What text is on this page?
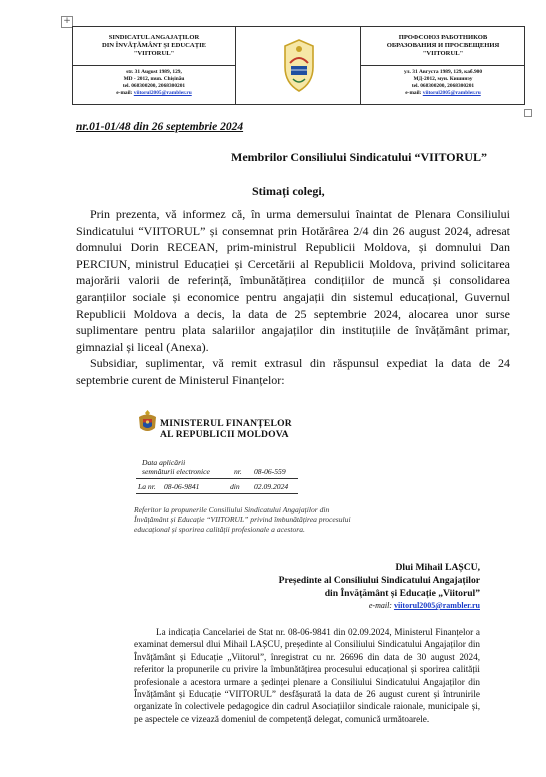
+
SINDICATUL ANGAJAȚILOR
DIN ÎNVĂȚĂMÂNT ȘI EDUCAȚIE
"VIITORUL"
str. 31 August 1989, 129,
MD - 2012, mun. Chișinău
tel. 068300200, 2068300201
e-mail: viitorul2005@rambler.ru
ПРОФСОЮЗ РАБОТНИКОВ
ОБРАЗОВАНИЯ И ПРОСВЕЩЕНИЯ
"VIITORUL"
ул. 31 Августа 1989, 129, каб.900
МД-2012, мун. Кишинэу
tel. 068300200, 2068300201
e-mail: viitorul2005@rambler.ru
nr.01-01/48 din 26 septembrie 2024
Membrilor Consiliului Sindicatului “VIITORUL”
Stimați colegi,

Prin prezenta, vă informez că, în urma demersului înaintat de Plenara Consiliului Sindicatului “VIITORUL” și consemnat prin Hotărârea 2/4 din 26 august 2024, adresat domnului Dorin RECEAN, prim-ministrul Republicii Moldova, și domnului Dan PERCIUN, ministrul Educației și Cercetării al Republicii Moldova, privind solicitarea majorării valorii de referință, îmbunătățirea condițiilor de muncă și consolidarea garanțiilor sociale și economice pentru angajații din sistemul educațional, Guvernul Republicii Moldova a decis, la data de 25 septembrie 2024, alocarea unor surse suplimentare pentru plata salariilor angajaților din instituțiile de învățământ primar, gimnazial și liceal (Anexa).

Subsidiar, suplimentar, vă remit extrasul din răspunsul expediat la data de 24 septembrie curent de Ministerul Finanțelor:

MINISTERUL FINANȚELOR
AL REPUBLICII MOLDOVA
Data aplicării
semnăturii electronice	nr. 08-06-559
La nr. 08-06-9841	din 02.09.2024
Referitor la propunerile Consiliului Sindicatului Angajaților din Învățământ și Educație “VIITORUL” privind îmbunătățirea procesului educațional și sporirea calității profesionale a acestora.
Dlui Mihail LAȘCU,
Președinte al Consiliului Sindicatului Angajaților
din Învățământ și Educație „Viitorul”
e-mail: viitorul2005@rambler.ru

La indicația Cancelariei de Stat nr. 08-06-9841 din 02.09.2024, Ministerul Finanțelor a examinat demersul dlui Mihail LAȘCU, președinte al Consiliului Sindicatului Angajaților din Învățământ și Educație „Viitorul”, înregistrat cu nr. 26696 din data de 30 august 2024, referitor la propunerile cu privire la îmbunătățirea procesului educațional și sporirea calității profesionale a acestora urmare a ședinței plenare a Consiliului Sindicatului Angajaților din Învățământ și Educație “VIITORUL” desfășurată la data de 26 august curent și întrunirile organizate în colectivele pedagogice din cadrul Asociațiilor sindicale raionale, municipale și, pe aspectele ce vizează domeniul de competență delegat, comunică următoarele.
